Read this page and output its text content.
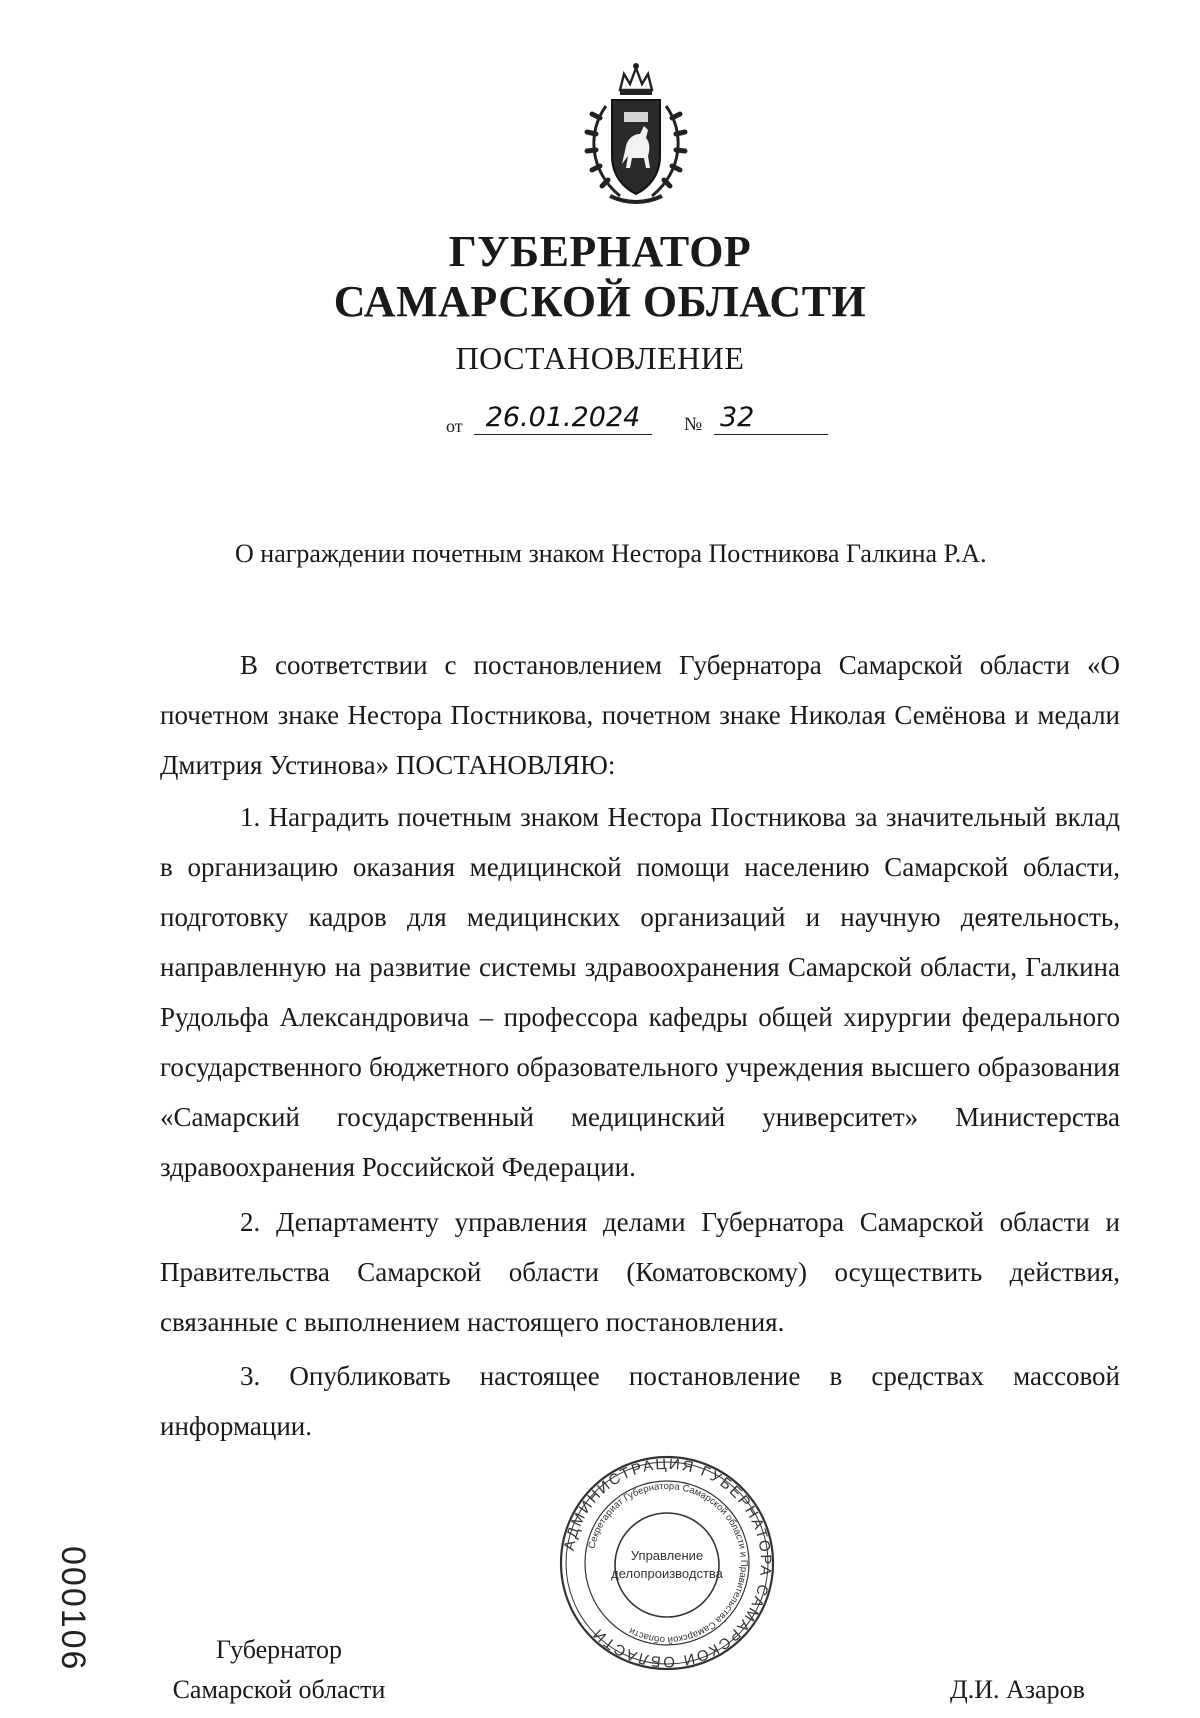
ГУБЕРНАТОР
САМАРСКОЙ ОБЛАСТИ
ПОСТАНОВЛЕНИЕ
от 26.01.2024	№ 32
О награждении почетным знаком Нестора Постникова Галкина Р.А.

В соответствии с постановлением Губернатора Самарской области «О почетном знаке Нестора Постникова, почетном знаке Николая Семёнова и медали Дмитрия Устинова» ПОСТАНОВЛЯЮ:

1. Наградить почетным знаком Нестора Постникова за значительный вклад в организацию оказания медицинской помощи населению Самарской области, подготовку кадров для медицинских организаций и научную деятельность, направленную на развитие системы здравоохранения Самарской области, Галкина Рудольфа Александровича – профессора кафедры общей хирургии федерального государственного бюджетного образовательного учреждения высшего образования «Самарский государственный медицинский университет» Министерства здравоохранения Российской Федерации.

2. Департаменту управления делами Губернатора Самарской области и Правительства Самарской области (Коматовскому) осуществить действия, связанные с выполнением настоящего постановления.

3. Опубликовать настоящее постановление в средствах массовой информации.

АДМИНИСТРАЦИЯ ГУБЕРНАТОРА САМАРСКОЙ ОБЛАСТИ
Секретариат Губернатора Самарской области и Правительства Самарской области
Управление
делопроизводства
Губернатор
Самарской области	Д.И. Азаров
000106
